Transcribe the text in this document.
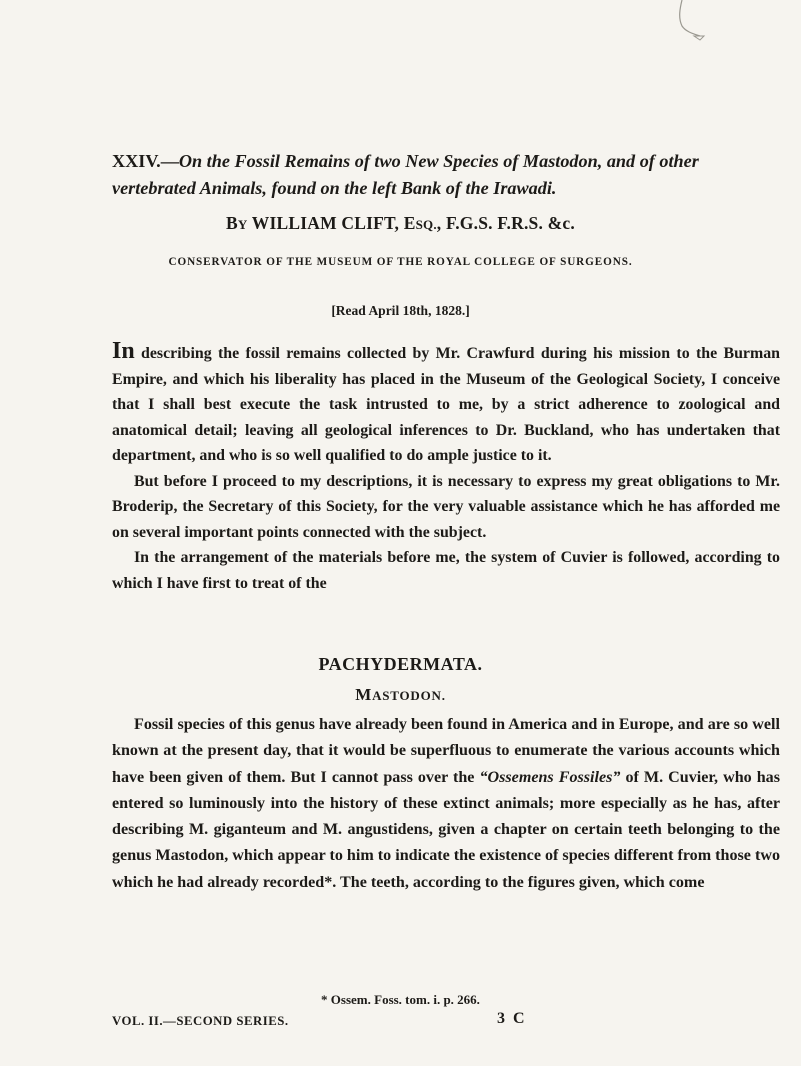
XXIV.—On the Fossil Remains of two New Species of Mastodon, and of other vertebrated Animals, found on the left Bank of the Irawadi.
BY WILLIAM CLIFT, ESQ., F.G.S. F.R.S. &c.
CONSERVATOR OF THE MUSEUM OF THE ROYAL COLLEGE OF SURGEONS.
[Read April 18th, 1828.]

In describing the fossil remains collected by Mr. Crawfurd during his mission to the Burman Empire, and which his liberality has placed in the Museum of the Geological Society, I conceive that I shall best execute the task intrusted to me, by a strict adherence to zoological and anatomical detail; leaving all geological inferences to Dr. Buckland, who has undertaken that department, and who is so well qualified to do ample justice to it.

But before I proceed to my descriptions, it is necessary to express my great obligations to Mr. Broderip, the Secretary of this Society, for the very valuable assistance which he has afforded me on several important points connected with the subject.

In the arrangement of the materials before me, the system of Cuvier is followed, according to which I have first to treat of the

PACHYDERMATA.
MASTODON.

Fossil species of this genus have already been found in America and in Europe, and are so well known at the present day, that it would be superfluous to enumerate the various accounts which have been given of them. But I cannot pass over the “Ossemens Fossiles” of M. Cuvier, who has entered so luminously into the history of these extinct animals; more especially as he has, after describing M. giganteum and M. angustidens, given a chapter on certain teeth belonging to the genus Mastodon, which appear to him to indicate the existence of species different from those two which he had already recorded*. The teeth, according to the figures given, which come

* Ossem. Foss. tom. i. p. 266.
VOL. II.—SECOND SERIES.	3 C
